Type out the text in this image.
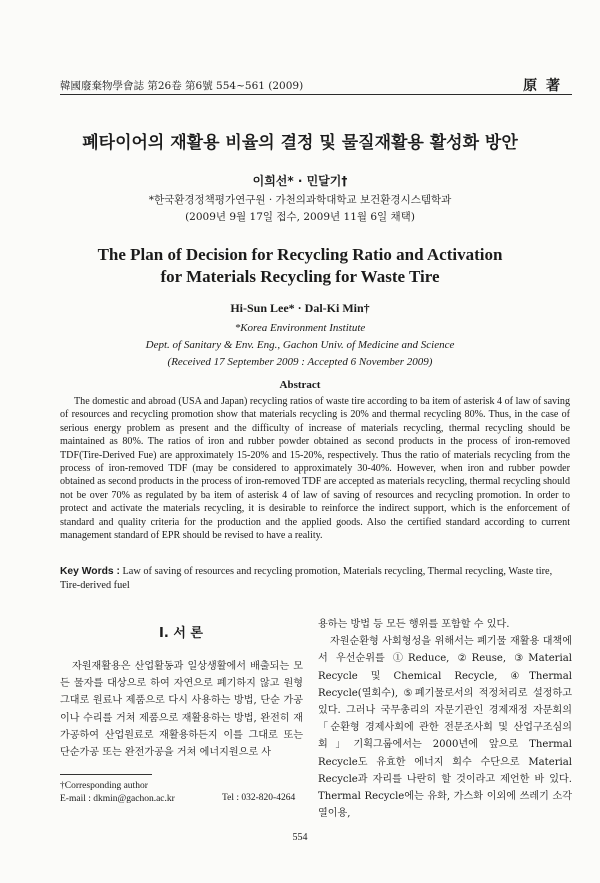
韓國廢棄物學會誌 第26卷 第6號 554~561 (2009)	原 著
폐타이어의 재활용 비율의 결정 및 물질재활용 활성화 방안
이희선* · 민달기†
*한국환경정책평가연구원 · 가천의과학대학교 보건환경시스템학과
(2009년 9월 17일 접수, 2009년 11월 6일 채택)
The Plan of Decision for Recycling Ratio and Activation
for Materials Recycling for Waste Tire
Hi-Sun Lee* · Dal-Ki Min†
*Korea Environment Institute
Dept. of Sanitary & Env. Eng., Gachon Univ. of Medicine and Science
(Received 17 September 2009 : Accepted 6 November 2009)
Abstract

The domestic and abroad (USA and Japan) recycling ratios of waste tire according to ba item of asterisk 4 of law of saving of resources and recycling promotion show that materials recycling is 20% and thermal recycling 80%. Thus, in the case of serious energy problem as present and the difficulty of increase of materials recycling, thermal recycling should be maintained as 80%. The ratios of iron and rubber powder obtained as second products in the process of iron-removed TDF(Tire-Derived Fue) are approximately 15-20% and 15-20%, respectively. Thus the ratio of materials recycling from the process of iron-removed TDF (may be considered to approximately 30-40%. However, when iron and rubber powder obtained as second products in the process of iron-removed TDF are accepted as materials recycling, thermal recycling should not be over 70% as regulated by ba item of asterisk 4 of law of saving of resources and recycling promotion. In order to protect and activate the materials recycling, it is desirable to reinforce the indirect support, which is the enforcement of standard and quality criteria for the production and the applied goods. Also the certified standard according to current management standard of EPR should be revised to have a reality.

Key Words : Law of saving of resources and recycling promotion, Materials recycling, Thermal recycling, Waste tire, Tire-derived fuel

I. 서 론

자원재활용은 산업활동과 일상생활에서 배출되는 모든 물자를 대상으로 하여 자연으로 폐기하지 않고 원형 그대로 원료나 제품으로 다시 사용하는 방법, 단순 가공이나 수리를 거쳐 제품으로 재활용하는 방법, 완전히 재가공하여 산업원료로 재활용하든지 이를 그대로 또는 단순가공 또는 완전가공을 거쳐 에너지원으로 사

용하는 방법 등 모든 행위를 포함할 수 있다.

자원순환형 사회형성을 위해서는 폐기물 재활용 대책에서 우선순위를 ①Reduce, ②Reuse, ③Material Recycle 및 Chemical Recycle, ④Thermal Recycle(열회수), ⑤폐기물로서의 적정처리로 설정하고 있다. 그러나 국무총리의 자문기관인 경제재정 자문회의「순환형 경제사회에 관한 전문조사회 및 산업구조심의회」기획그룹에서는 2000년에 앞으로 Thermal Recycle도 유효한 에너지 회수 수단으로 Material Recycle과 자리를 나란히 할 것이라고 제언한 바 있다. Thermal Recycle에는 유화, 가스화 이외에 쓰레기 소각열이용,

†Corresponding author
E-mail : dkmin@gachon.ac.kr	Tel : 032-820-4264
554
